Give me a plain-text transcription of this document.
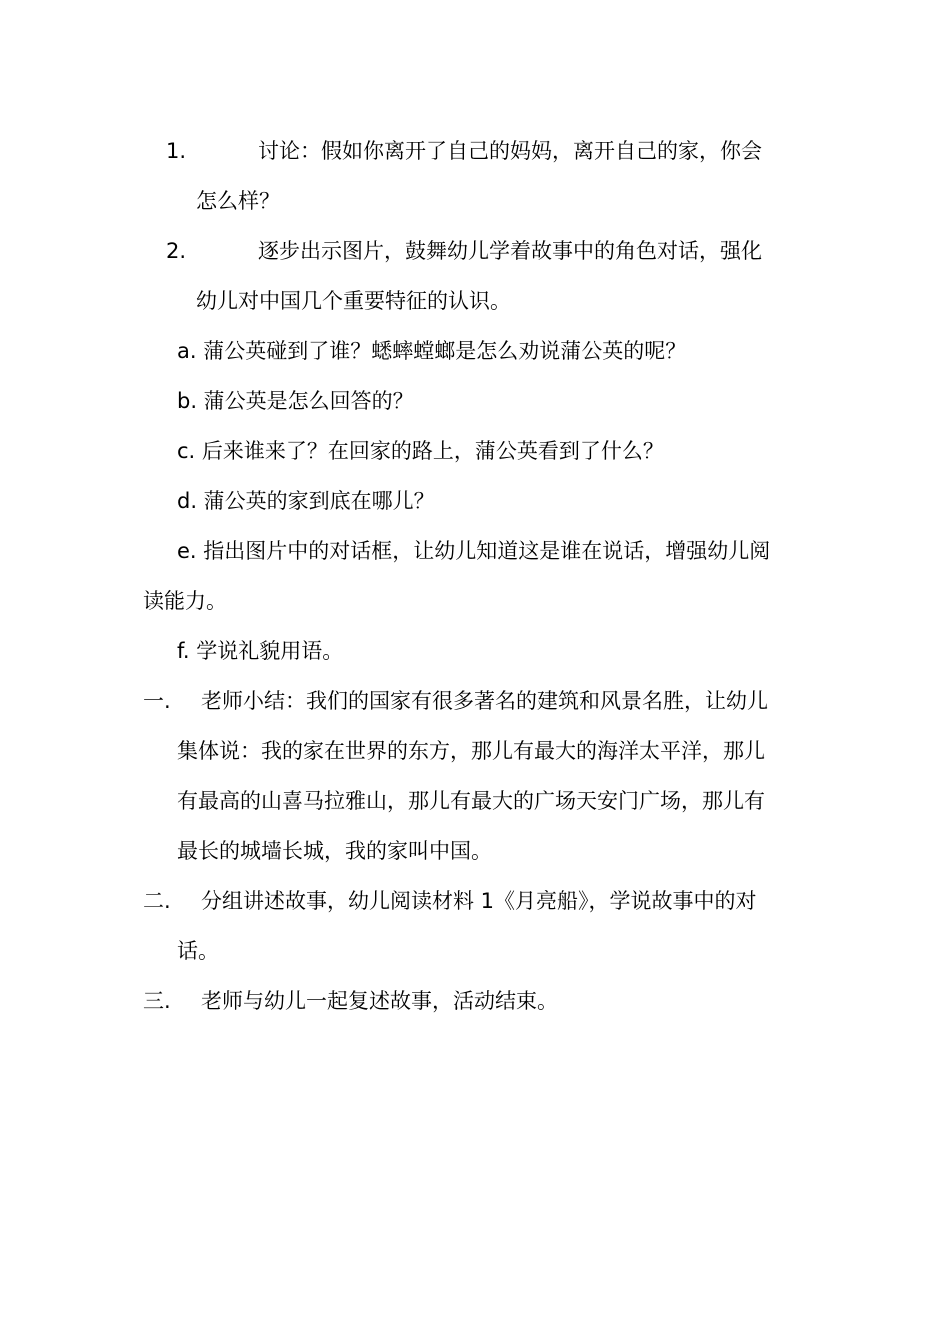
1.	讨论：假如你离开了自己的妈妈，离开自己的家，你会
怎么样？
2.	逐步出示图片，鼓舞幼儿学着故事中的角色对话，强化
幼儿对中国几个重要特征的认识。
a. 蒲公英碰到了谁？蟋蟀螳螂是怎么劝说蒲公英的呢？
b. 蒲公英是怎么回答的？
c. 后来谁来了？在回家的路上，蒲公英看到了什么？
d. 蒲公英的家到底在哪儿？
e. 指出图片中的对话框，让幼儿知道这是谁在说话，增强幼儿阅
读能力。
f. 学说礼貌用语。
一. 老师小结：我们的国家有很多著名的建筑和风景名胜，让幼儿
集体说：我的家在世界的东方，那儿有最大的海洋太平洋，那儿
有最高的山喜马拉雅山，那儿有最大的广场天安门广场，那儿有
最长的城墙长城，我的家叫中国。
二. 分组讲述故事，幼儿阅读材料 1《月亮船》，学说故事中的对
话。
三. 老师与幼儿一起复述故事，活动结束。
